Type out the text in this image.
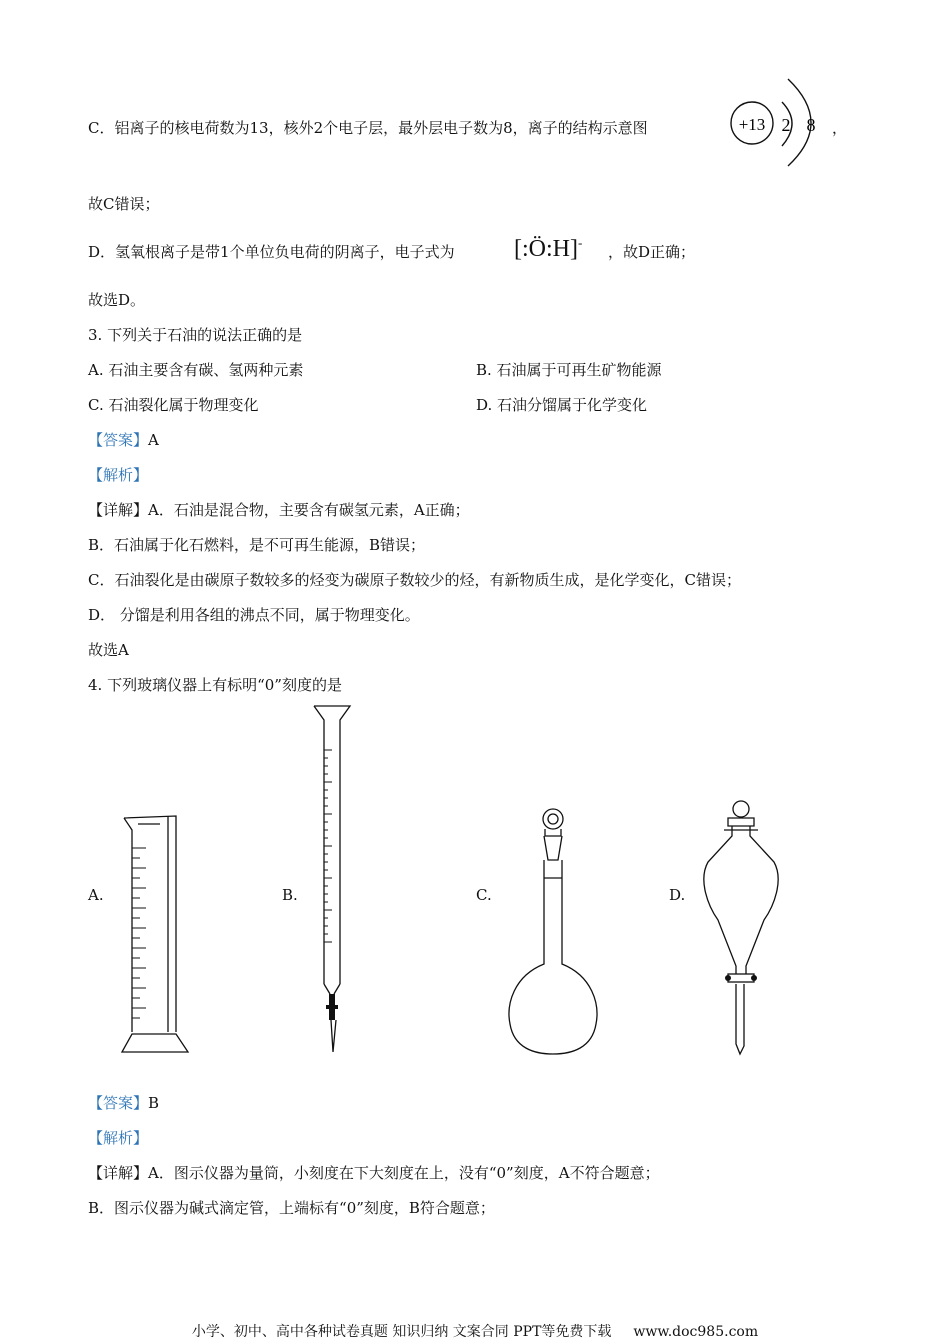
C．铝离子的核电荷数为13，核外2个电子层，最外层电子数为8，离子的结构示意图	+13 2 8 ，
故C错误；
D．氢氧根离子是带1个单位负电荷的阴离子，电子式为 [:Ö:H]-
，故D正确；
故选D。
3. 下列关于石油的说法正确的是
A. 石油主要含有碳、氢两种元素	B. 石油属于可再生矿物能源
C. 石油裂化属于物理变化	D. 石油分馏属于化学变化
【答案】A
【解析】
【详解】A．石油是混合物，主要含有碳氢元素，A正确；
B．石油属于化石燃料，是不可再生能源，B错误；
C．石油裂化是由碳原子数较多的烃变为碳原子数较少的烃，有新物质生成，是化学变化，C错误；
D． 分馏是利用各组的沸点不同，属于物理变化。
故选A
4. 下列玻璃仪器上有标明“0”刻度的是
A.	B.	C.	D.
【答案】B
【解析】
【详解】A．图示仪器为量筒，小刻度在下大刻度在上，没有“0”刻度，A不符合题意；
B．图示仪器为碱式滴定管，上端标有“0”刻度，B符合题意；
小学、初中、高中各种试卷真题 知识归纳 文案合同 PPT等免费下载 www.doc985.com
